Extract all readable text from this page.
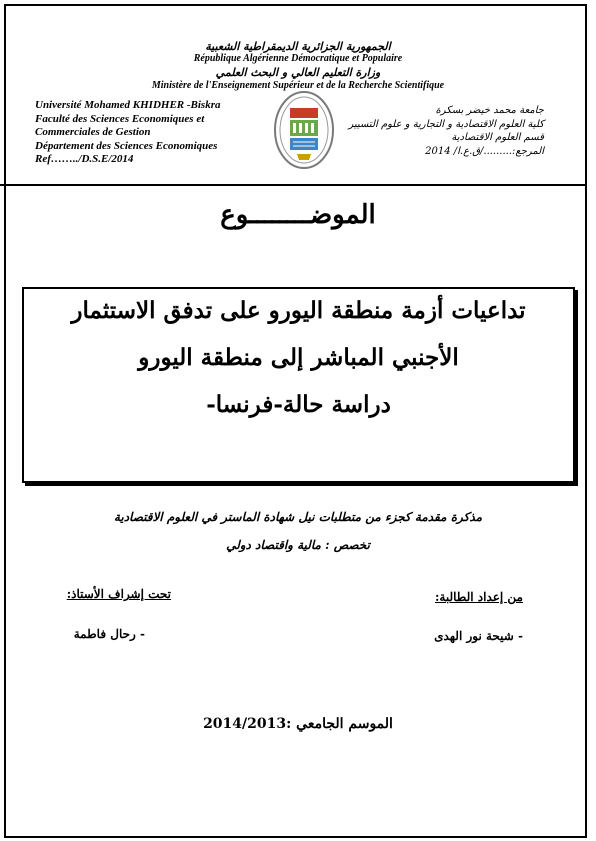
الجمهورية الجزائرية الديمقراطية الشعبية
République Algérienne Démocratique et Populaire
وزارة التعليم العالي و البحث العلمي
Ministère de l'Enseignement Supérieur et de la Recherche Scientifique
Université Mohamed KHIDHER -Biskra
Faculté des Sciences Economiques et
Commerciales de Gestion
Département des Sciences Economiques
Ref……../D.S.E/2014
جامعة محمد خيضر بسكرة
كلية العلوم الاقتصادية و التجارية و علوم التسيير
قسم العلوم الاقتصادية
المرجع:........./ق.ع.ا/ 2014
الموضــــــــوع
تداعيات أزمة منطقة اليورو على تدفق الاستثمار
الأجنبي المباشر إلى منطقة اليورو
دراسة حالة-فرنسا-
مذكرة مقدمة كجزء من متطلبات نيل شهادة الماستر في العلوم الاقتصادية
تخصص : مالية واقتصاد دولي
من إعداد الطالبة:
تحت إشراف الأستاذ:
- شيحة نور الهدى
- رحال فاطمة
الموسم الجامعي :2014/2013
